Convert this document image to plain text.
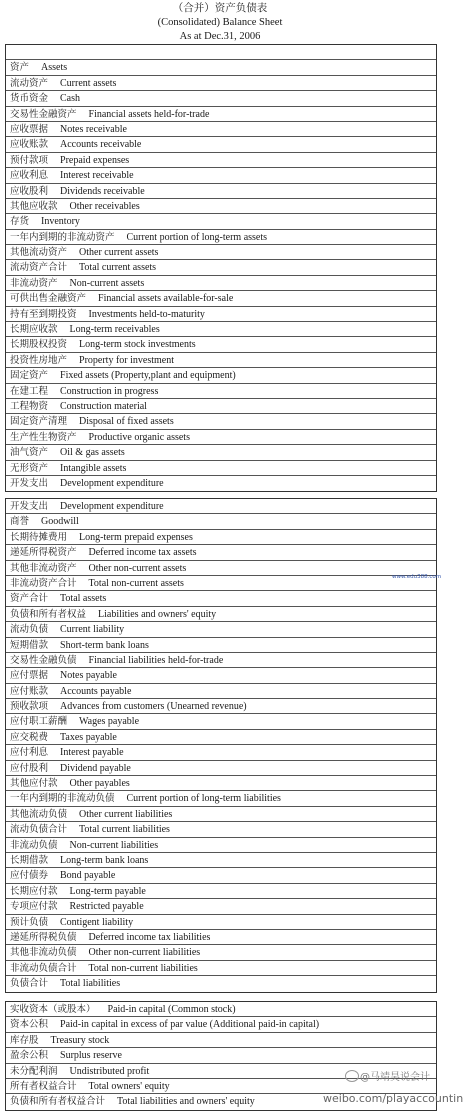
（合并）资产负债表
(Consolidated) Balance Sheet
As at Dec.31, 2006
资产 Assets
流动资产 Current assets
货币资金 Cash
交易性金融资产 Financial assets held-for-trade
应收票据 Notes receivable
应收账款 Accounts receivable
预付款项 Prepaid expenses
应收利息 Interest receivable
应收股利 Dividends receivable
其他应收款 Other receivables
存货 Inventory
一年内到期的非流动资产 Current portion of long-term assets
其他流动资产 Other current assets
流动资产合计 Total current assets
非流动资产 Non-current assets
可供出售金融资产 Financial assets available-for-sale
持有至到期投资 Investments held-to-maturity
长期应收款 Long-term receivables
长期股权投资 Long-term stock investments
投资性房地产 Property for investment
固定资产 Fixed assets (Property,plant and equipment)
在建工程 Construction in progress
工程物资 Construction material
固定资产清理 Disposal of fixed assets
生产性生物资产 Productive organic assets
油气资产 Oil & gas assets
无形资产 Intangible assets
开发支出 Development expenditure
开发支出 Development expenditure
商誉 Goodwill
长期待摊费用 Long-term prepaid expenses
递延所得税资产 Deferred income tax assets
其他非流动资产 Other non-current assets
非流动资产合计 Total non-current assets
资产合计 Total assets
负债和所有者权益 Liabilities and owners' equity
流动负债 Current liability
短期借款 Short-term bank loans
交易性金融负债 Financial liabilities held-for-trade
应付票据 Notes payable
应付账款 Accounts payable
预收款项 Advances from customers (Unearned revenue)
应付职工薪酬 Wages payable
应交税费 Taxes payable
应付利息 Interest payable
应付股利 Dividend payable
其他应付款 Other payables
一年内到期的非流动负债 Current portion of long-term liabilities
其他流动负债 Other current liabilities
流动负债合计 Total current liabilities
非流动负债 Non-current liabilities
长期借款 Long-term bank loans
应付债券 Bond payable
长期应付款 Long-term payable
专项应付款 Restricted payable
预计负债 Contigent liability
递延所得税负债 Deferred income tax liabilities
其他非流动负债 Other non-current liabilities
非流动负债合计 Total non-current liabilities
负债合计 Total liabilities
实收资本（或股本） Paid-in capital (Common stock)
资本公积 Paid-in capital in excess of par value (Additional paid-in capital)
库存股 Treasury stock
盈余公积 Surplus reserve
未分配利润 Undistributed profit
所有者权益合计 Total owners' equity
负债和所有者权益合计 Total liabilities and owners' equity
www.edu388.com
@马靖昊说会计
weibo.com/playaccountin
